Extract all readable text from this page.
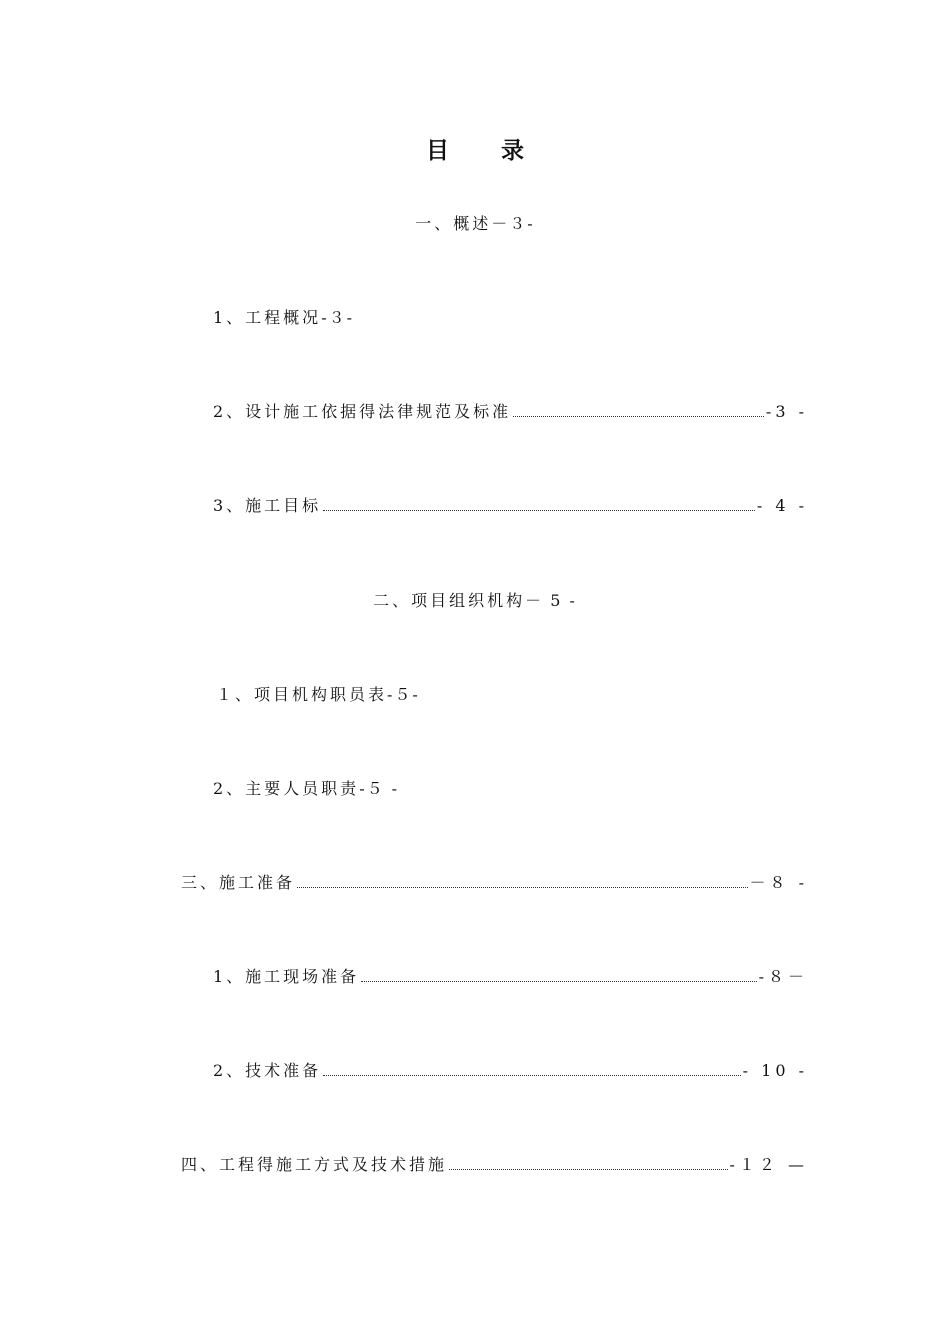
目 录
一、概述－３-
1、工程概况-３-
2、设计施工依据得法律规范及标准	-3 -
3、施工目标	- 4 -
二、项目组织机构－ 5 -
１、项目机构职员表-５-
2、主要人员职责-５ -
三、施工准备	－８ -
1、施工现场准备	-８－
2、技术准备	- 10 -
四、工程得施工方式及技术措施	-１２ —
